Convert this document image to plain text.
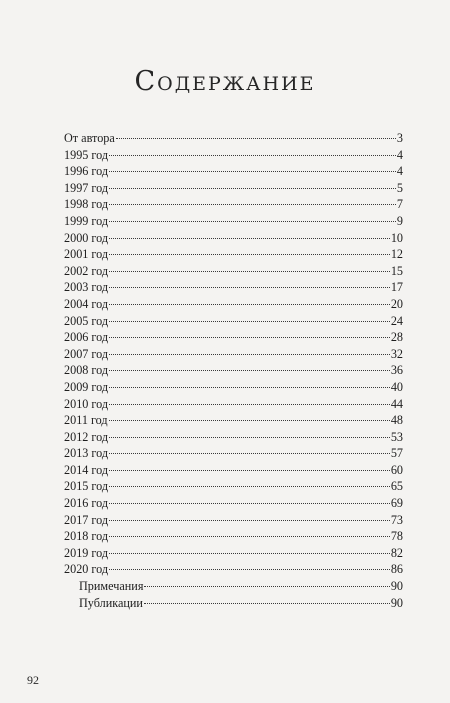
Содержание
От автора	3
1995 год	4
1996 год	4
1997 год	5
1998 год	7
1999 год	9
2000 год	10
2001 год	12
2002 год	15
2003 год	17
2004 год	20
2005 год	24
2006 год	28
2007 год	32
2008 год	36
2009 год	40
2010 год	44
2011 год	48
2012 год	53
2013 год	57
2014 год	60
2015 год	65
2016 год	69
2017 год	73
2018 год	78
2019 год	82
2020 год	86
Примечания	90
Публикации	90
92
